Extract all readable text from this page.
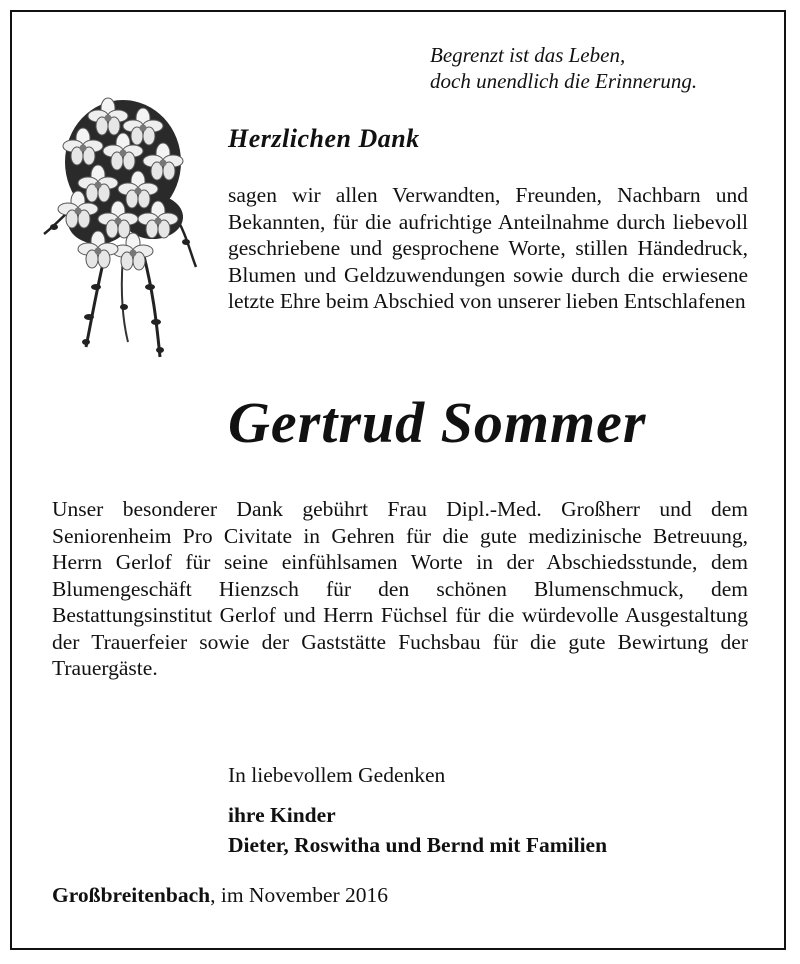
Begrenzt ist das Leben,
doch unendlich die Erinnerung.
Herzlichen Dank
sagen wir allen Verwandten, Freunden, Nachbarn und Bekannten, für die aufrichtige Anteilnahme durch liebevoll geschriebene und gesprochene Worte, stillen Händedruck, Blumen und Geldzuwendungen sowie durch die erwiesene letzte Ehre beim Abschied von unserer lieben Entschlafenen
Gertrud Sommer
Unser besonderer Dank gebührt Frau Dipl.-Med. Großherr und dem Seniorenheim Pro Civitate in Gehren für die gute medizinische Betreuung, Herrn Gerlof für seine einfühlsamen Worte in der Abschiedsstunde, dem Blumengeschäft Hienzsch für den schönen Blumenschmuck, dem Bestattungsinstitut Gerlof und Herrn Füchsel für die würdevolle Ausgestaltung der Trauerfeier sowie der Gaststätte Fuchsbau für die gute Bewirtung der Trauergäste.
In liebevollem Gedenken
ihre Kinder
Dieter, Roswitha und Bernd mit Familien
Großbreitenbach, im November 2016
